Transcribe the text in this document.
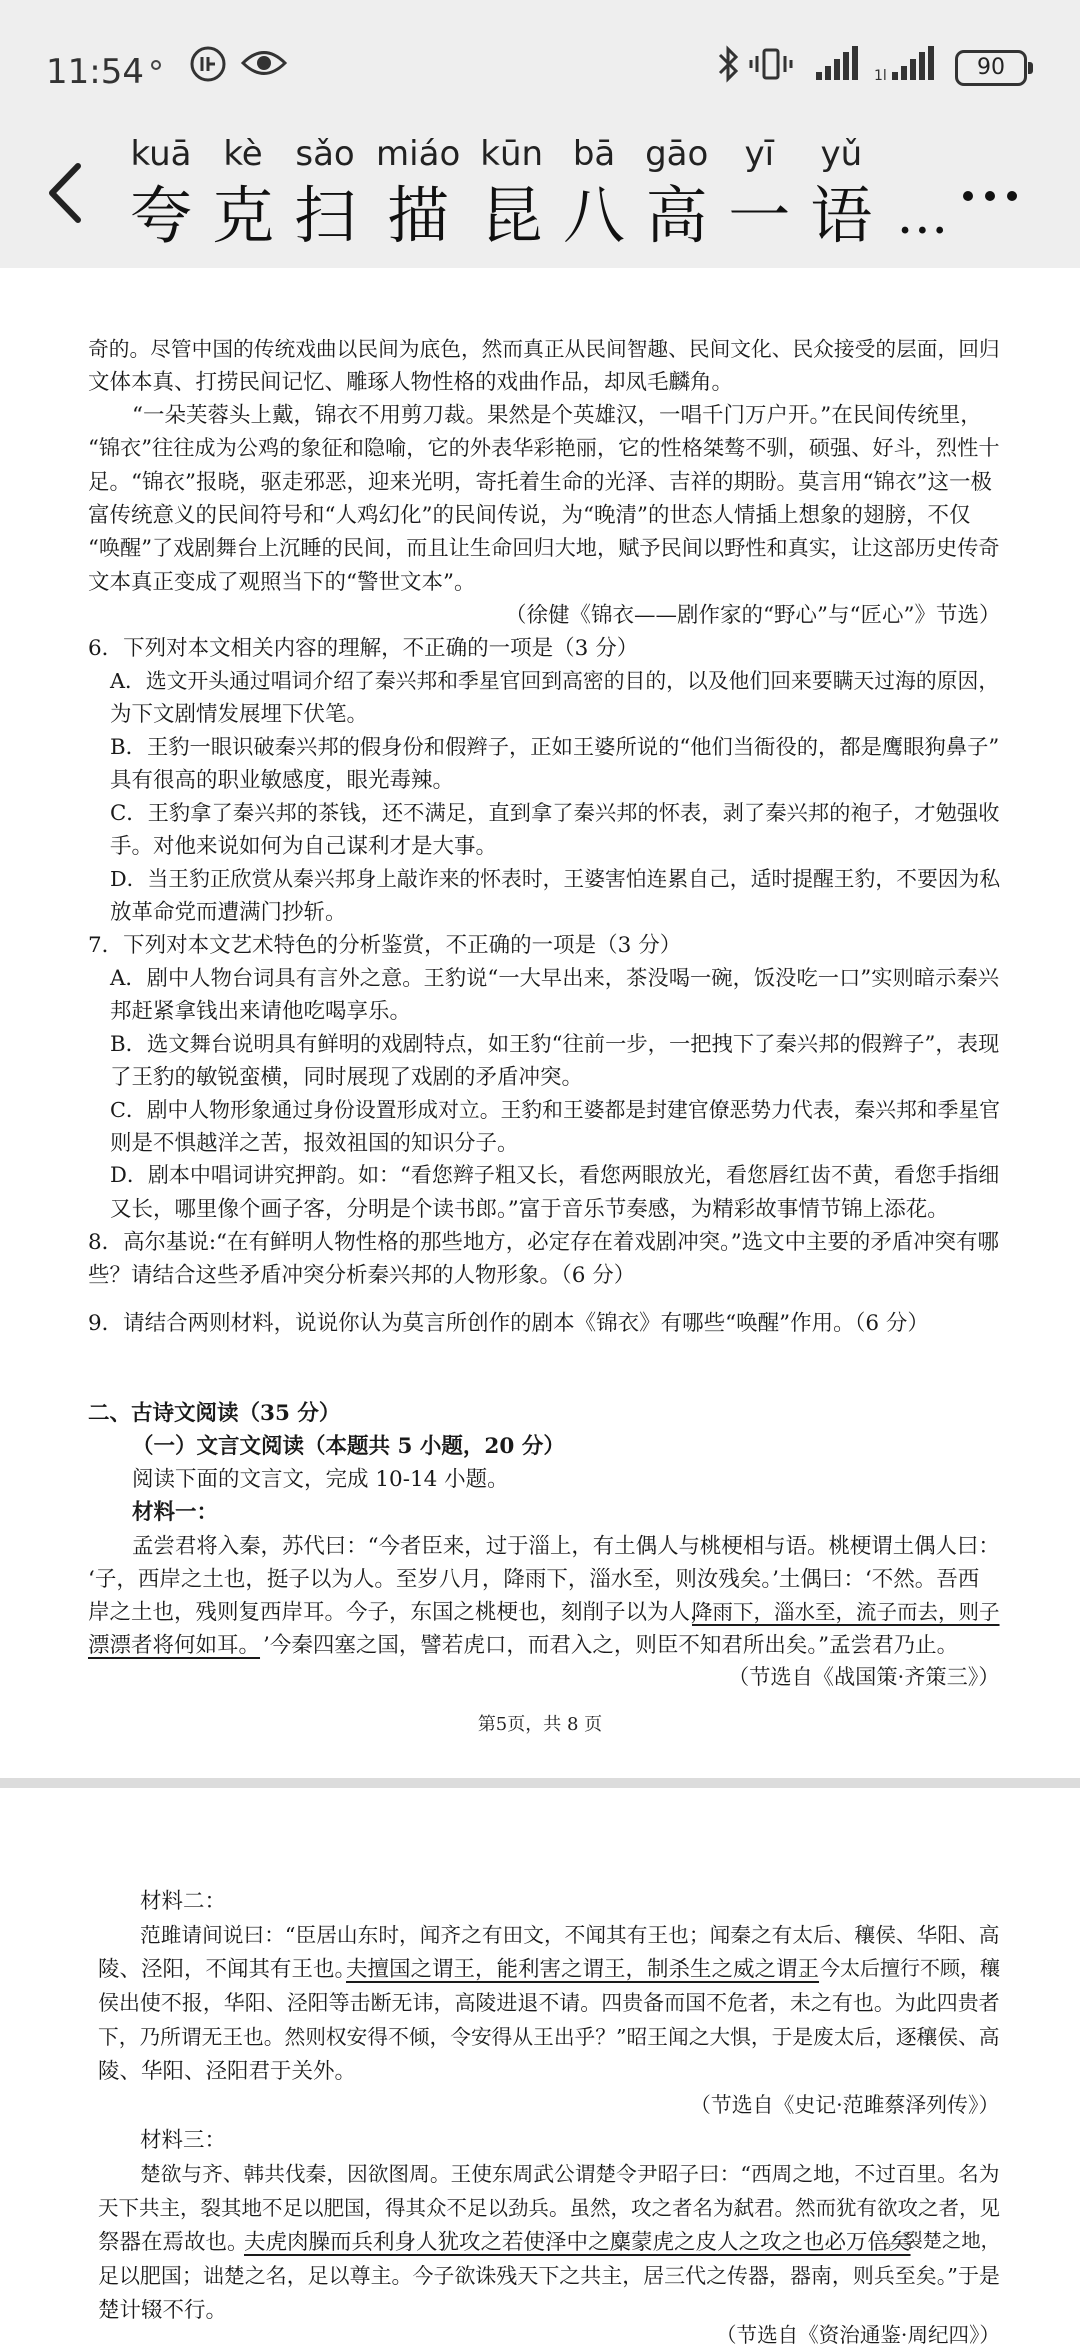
11:54	1l	90
kuā
夸
kè
克
sǎo
扫
miáo
描
kūn
昆
bā
八
gāo
高
yī
一
yǔ
语 …
奇的。尽管中国的传统戏曲以民间为底色，然而真正从民间智趣、民间文化、民众接受的层面，回归
文体本真、打捞民间记忆、雕琢人物性格的戏曲作品，却凤毛麟角。
“一朵芙蓉头上戴，锦衣不用剪刀裁。果然是个英雄汉，一唱千门万户开。”在民间传统里，
“锦衣”往往成为公鸡的象征和隐喻，它的外表华彩艳丽，它的性格桀骜不驯，硕强、好斗，烈性十
足。“锦衣”报晓，驱走邪恶，迎来光明，寄托着生命的光泽、吉祥的期盼。莫言用“锦衣”这一极
富传统意义的民间符号和“人鸡幻化”的民间传说，为“晚清”的世态人情插上想象的翅膀，不仅
“唤醒”了戏剧舞台上沉睡的民间，而且让生命回归大地，赋予民间以野性和真实，让这部历史传奇
文本真正变成了观照当下的“警世文本”。
（徐健《锦衣——剧作家的“野心”与“匠心”》节选）
6．下列对本文相关内容的理解，不正确的一项是（3 分）
A．选文开头通过唱词介绍了秦兴邦和季星官回到高密的目的，以及他们回来要瞒天过海的原因，
为下文剧情发展埋下伏笔。
B．王豹一眼识破秦兴邦的假身份和假辫子，正如王婆所说的“他们当衙役的，都是鹰眼狗鼻子”
具有很高的职业敏感度，眼光毒辣。
C．王豹拿了秦兴邦的茶钱，还不满足，直到拿了秦兴邦的怀表，剥了秦兴邦的袍子，才勉强收
手。对他来说如何为自己谋利才是大事。
D．当王豹正欣赏从秦兴邦身上敲诈来的怀表时，王婆害怕连累自己，适时提醒王豹，不要因为私
放革命党而遭满门抄斩。
7．下列对本文艺术特色的分析鉴赏，不正确的一项是（3 分）
A．剧中人物台词具有言外之意。王豹说“一大早出来，茶没喝一碗，饭没吃一口”实则暗示秦兴
邦赶紧拿钱出来请他吃喝享乐。
B．选文舞台说明具有鲜明的戏剧特点，如王豹“往前一步，一把拽下了秦兴邦的假辫子”，表现
了王豹的敏锐蛮横，同时展现了戏剧的矛盾冲突。
C．剧中人物形象通过身份设置形成对立。王豹和王婆都是封建官僚恶势力代表，秦兴邦和季星官
则是不惧越洋之苦，报效祖国的知识分子。
D．剧本中唱词讲究押韵。如：“看您辫子粗又长，看您两眼放光，看您唇红齿不黄，看您手指细
又长，哪里像个画子客，分明是个读书郎。”富于音乐节奏感，为精彩故事情节锦上添花。
8．高尔基说:“在有鲜明人物性格的那些地方，必定存在着戏剧冲突。”选文中主要的矛盾冲突有哪
些？请结合这些矛盾冲突分析秦兴邦的人物形象。（6 分）
9．请结合两则材料，说说你认为莫言所创作的剧本《锦衣》有哪些“唤醒”作用。（6 分）
二、古诗文阅读（35 分）
（一）文言文阅读（本题共 5 小题，20 分）
阅读下面的文言文，完成 10-14 小题。
材料一：
孟尝君将入秦，苏代曰：“今者臣来，过于淄上，有土偶人与桃梗相与语。桃梗谓土偶人曰：
‘子，西岸之土也，挺子以为人。至岁八月，降雨下，淄水至，则汝残矣。’土偶曰：‘不然。吾西
岸之土也，残则复西岸耳。今子，东国之桃梗也，刻削子以为人，
降雨下，淄水至，流子而去，则子
漂漂者将何如耳。 ’今秦四塞之国，譬若虎口，而君入之，则臣不知君所出矣。”孟尝君乃止。
（节选自《战国策·齐策三》）
第5页，共 8 页
材料二：
范雎请间说曰：“臣居山东时，闻齐之有田文，不闻其有王也；闻秦之有太后、穰侯、华阳、高
陵、泾阳，不闻其有王也。
夫擅国之谓王，能利害之谓王，制杀生之威之谓王
。今太后擅行不顾，穰
侯出使不报，华阳、泾阳等击断无讳，高陵进退不请。四贵备而国不危者，未之有也。为此四贵者
下，乃所谓无王也。然则权安得不倾，令安得从王出乎？”昭王闻之大惧，于是废太后，逐穰侯、高
陵、华阳、泾阳君于关外。
（节选自《史记·范雎蔡泽列传》）
材料三：
楚欲与齐、韩共伐秦，因欲图周。王使东周武公谓楚令尹昭子曰：“西周之地，不过百里。名为
天下共主，裂其地不足以肥国，得其众不足以劲兵。虽然，攻之者名为弑君。然而犹有欲攻之者，见
祭器在焉故也。
夫虎肉臊而兵利身人犹攻之若使泽中之麋蒙虎之皮人之攻之也必万倍矣
。裂楚之地，
足以肥国；诎楚之名，足以尊主。今子欲诛残天下之共主，居三代之传器，器南，则兵至矣。”于是
楚计辍不行。
（节选自《资治通鉴·周纪四》）
